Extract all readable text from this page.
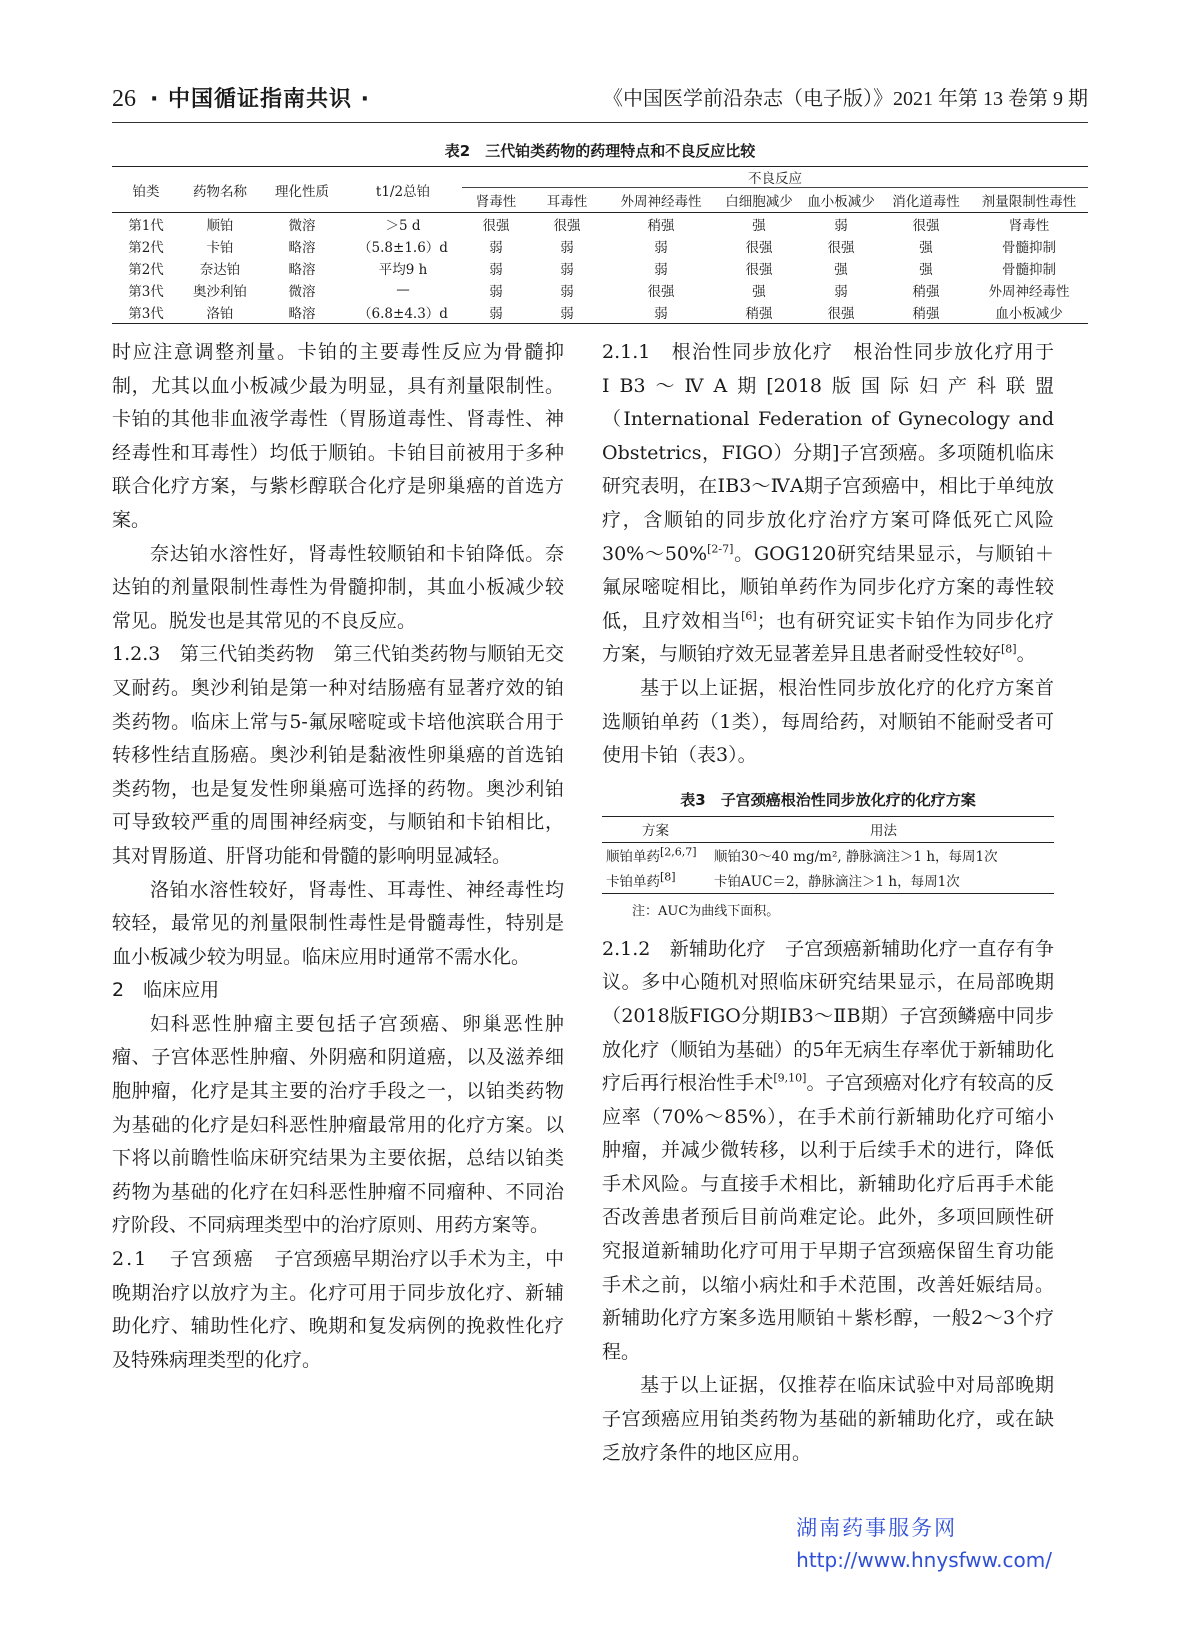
26 · 中国循证指南共识 ·	《中国医学前沿杂志（电子版）》2021 年第 13 卷第 9 期
表2　三代铂类药物的药理特点和不良反应比较
铂类	药物名称	理化性质	t1/2总铂	不良反应						
				肾毒性	耳毒性	外周神经毒性	白细胞减少	血小板减少	消化道毒性	剂量限制性毒性
第1代	顺铂	微溶	＞5 d	很强	很强	稍强	强	弱	很强	肾毒性
第2代	卡铂	略溶	（5.8±1.6）d	弱	弱	弱	很强	很强	强	骨髓抑制
第2代	奈达铂	略溶	平均9 h	弱	弱	弱	很强	强	强	骨髓抑制
第3代	奥沙利铂	微溶	—	弱	弱	很强	强	弱	稍强	外周神经毒性
第3代	洛铂	略溶	（6.8±4.3）d	弱	弱	弱	稍强	很强	稍强	血小板减少

时应注意调整剂量。卡铂的主要毒性反应为骨髓抑制，尤其以血小板减少最为明显，具有剂量限制性。卡铂的其他非血液学毒性（胃肠道毒性、肾毒性、神经毒性和耳毒性）均低于顺铂。卡铂目前被用于多种联合化疗方案，与紫杉醇联合化疗是卵巢癌的首选方案。

奈达铂水溶性好，肾毒性较顺铂和卡铂降低。奈达铂的剂量限制性毒性为骨髓抑制，其血小板减少较常见。脱发也是其常见的不良反应。

1.2.3　第三代铂类药物　 第三代铂类药物与顺铂无交叉耐药。奥沙利铂是第一种对结肠癌有显著疗效的铂类药物。临床上常与5-氟尿嘧啶或卡培他滨联合用于转移性结直肠癌。奥沙利铂是黏液性卵巢癌的首选铂类药物，也是复发性卵巢癌可选择的药物。奥沙利铂可导致较严重的周围神经病变，与顺铂和卡铂相比，其对胃肠道、肝肾功能和骨髓的影响明显减轻。

洛铂水溶性较好，肾毒性、耳毒性、神经毒性均较轻，最常见的剂量限制性毒性是骨髓毒性，特别是血小板减少较为明显。临床应用时通常不需水化。

2　临床应用

妇科恶性肿瘤主要包括子宫颈癌、卵巢恶性肿瘤、子宫体恶性肿瘤、外阴癌和阴道癌，以及滋养细胞肿瘤，化疗是其主要的治疗手段之一，以铂类药物为基础的化疗是妇科恶性肿瘤最常用的化疗方案。以下将以前瞻性临床研究结果为主要依据，总结以铂类药物为基础的化疗在妇科恶性肿瘤不同瘤种、不同治疗阶段、不同病理类型中的治疗原则、用药方案等。

2.1　子宫颈癌　 子宫颈癌早期治疗以手术为主，中晚期治疗以放疗为主。化疗可用于同步放化疗、新辅助化疗、辅助性化疗、晚期和复发病例的挽救性化疗及特殊病理类型的化疗。

2.1.1　根治性同步放化疗　 根治性同步放化疗用于ⅠB3～ⅣA期[2018版国际妇产科联盟（International Federation of Gynecology and Obstetrics，FIGO）分期]子宫颈癌。多项随机临床研究表明，在ⅠB3～ⅣA期子宫颈癌中，相比于单纯放疗，含顺铂的同步放化疗治疗方案可降低死亡风险30%～50%[2-7]。GOG120研究结果显示，与顺铂＋氟尿嘧啶相比，顺铂单药作为同步化疗方案的毒性较低，且疗效相当[6]；也有研究证实卡铂作为同步化疗方案，与顺铂疗效无显著差异且患者耐受性较好[8]。

基于以上证据，根治性同步放化疗的化疗方案首选顺铂单药（1类），每周给药，对顺铂不能耐受者可使用卡铂（表3）。

表3　子宫颈癌根治性同步放化疗的化疗方案
方案	用法
顺铂单药[2,6,7]	顺铂30～40 mg/m², 静脉滴注＞1 h，每周1次
卡铂单药[8]	卡铂AUC＝2，静脉滴注＞1 h，每周1次
注：AUC为曲线下面积。

2.1.2　新辅助化疗　 子宫颈癌新辅助化疗一直存有争议。多中心随机对照临床研究结果显示，在局部晚期（2018版FIGO分期ⅠB3～ⅡB期）子宫颈鳞癌中同步放化疗（顺铂为基础）的5年无病生存率优于新辅助化疗后再行根治性手术[9,10]。子宫颈癌对化疗有较高的反应率（70%～85%），在手术前行新辅助化疗可缩小肿瘤，并减少微转移，以利于后续手术的进行，降低手术风险。与直接手术相比，新辅助化疗后再手术能否改善患者预后目前尚难定论。此外，多项回顾性研究报道新辅助化疗可用于早期子宫颈癌保留生育功能手术之前，以缩小病灶和手术范围，改善妊娠结局。新辅助化疗方案多选用顺铂＋紫杉醇，一般2～3个疗程。

基于以上证据，仅推荐在临床试验中对局部晚期子宫颈癌应用铂类药物为基础的新辅助化疗，或在缺乏放疗条件的地区应用。

湖南药事服务网
http://www.hnysfww.com/
